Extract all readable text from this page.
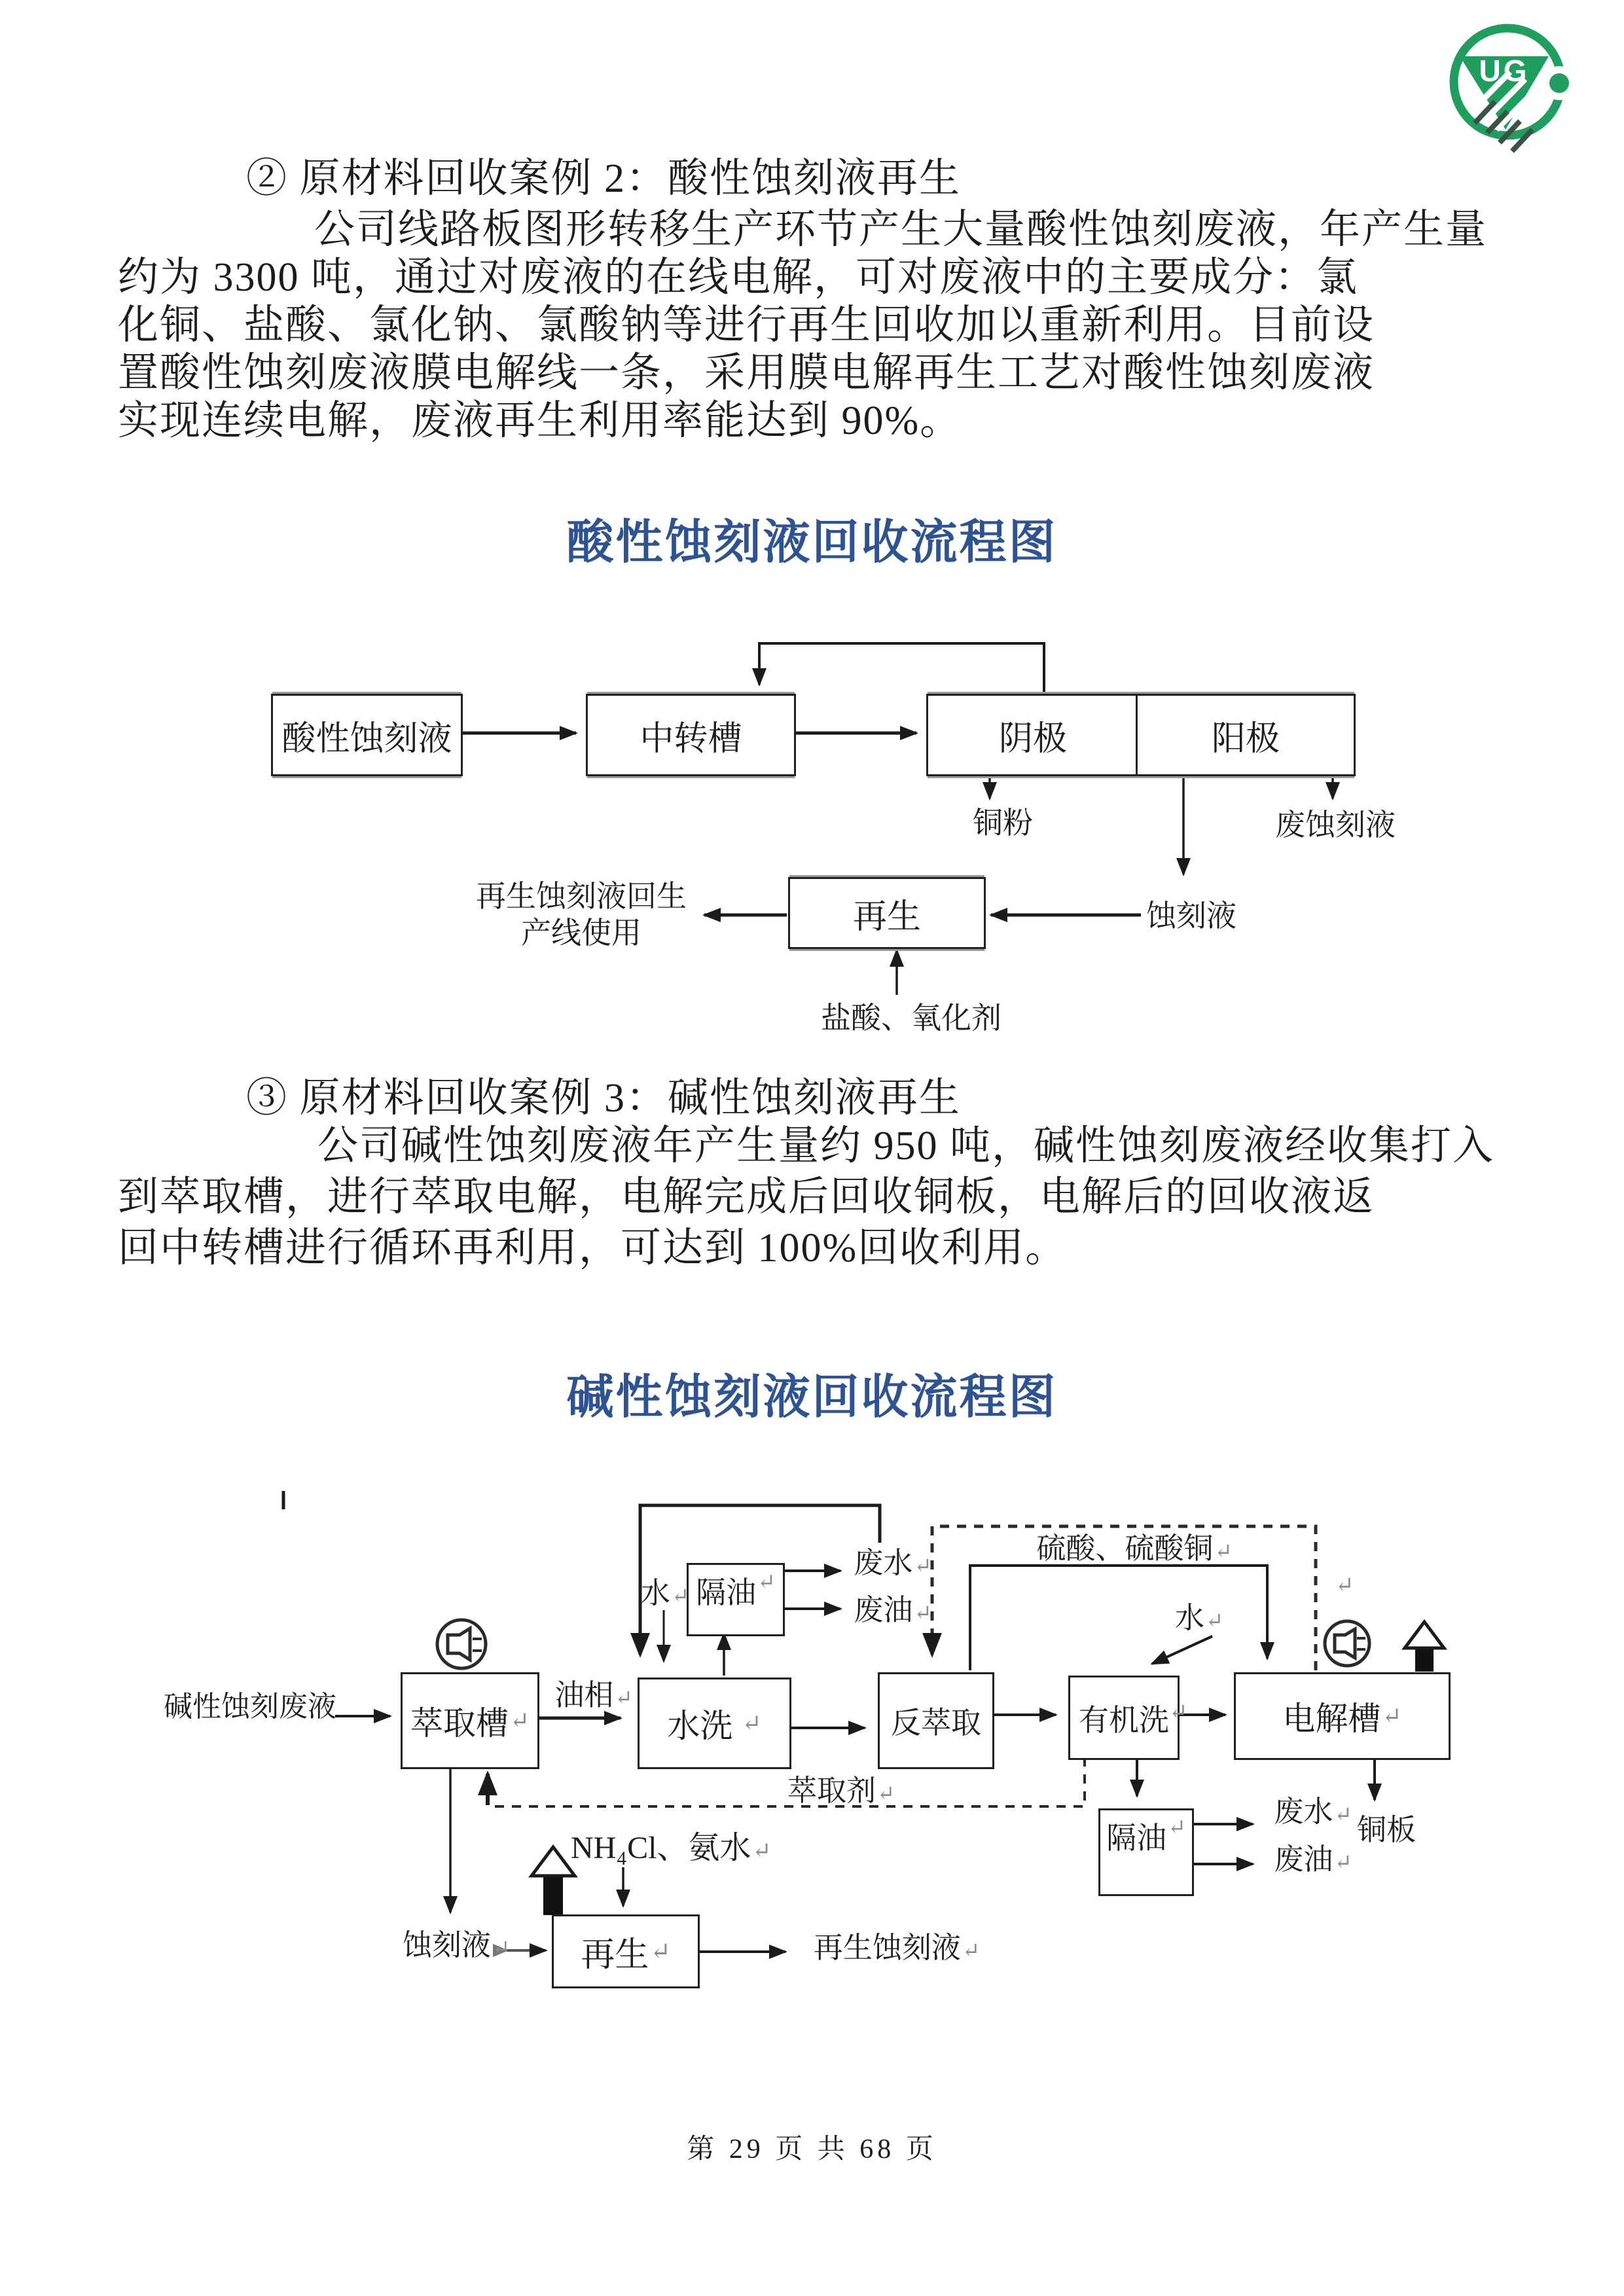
UG
② 原材料回收案例 2：酸性蚀刻液再生
公司线路板图形转移生产环节产生大量酸性蚀刻废液，年产生量
约为 3300 吨，通过对废液的在线电解，可对废液中的主要成分：氯
化铜、盐酸、氯化钠、氯酸钠等进行再生回收加以重新利用。目前设
置酸性蚀刻废液膜电解线一条，采用膜电解再生工艺对酸性蚀刻废液
实现连续电解，废液再生利用率能达到 90%。
酸性蚀刻液回收流程图
酸性蚀刻液	中转槽	阴极	阳极
再生
铜粉	废蚀刻液
蚀刻液
再生蚀刻液回生
产线使用
盐酸、氧化剂
③ 原材料回收案例 3：碱性蚀刻液再生
公司碱性蚀刻废液年产生量约 950 吨，碱性蚀刻废液经收集打入
到萃取槽，进行萃取电解，电解完成后回收铜板，电解后的回收液返
回中转槽进行循环再利用，可达到 100%回收利用。
碱性蚀刻液回收流程图
萃取槽 ↵	水洗 ↵
隔油 ↵
反萃取	有机洗	电解槽 ↵
隔油 ↵
再生 ↵
碱性蚀刻废液	油相↵
水↵
废水↵
废油↵
硫酸、硫酸铜↵
水↵
萃取剂↵
NH₄Cl、氨水↵
蚀刻液↵	再生蚀刻液↵
废水↵
废油↵
铜板
↵
↵
第 29 页 共 68 页
